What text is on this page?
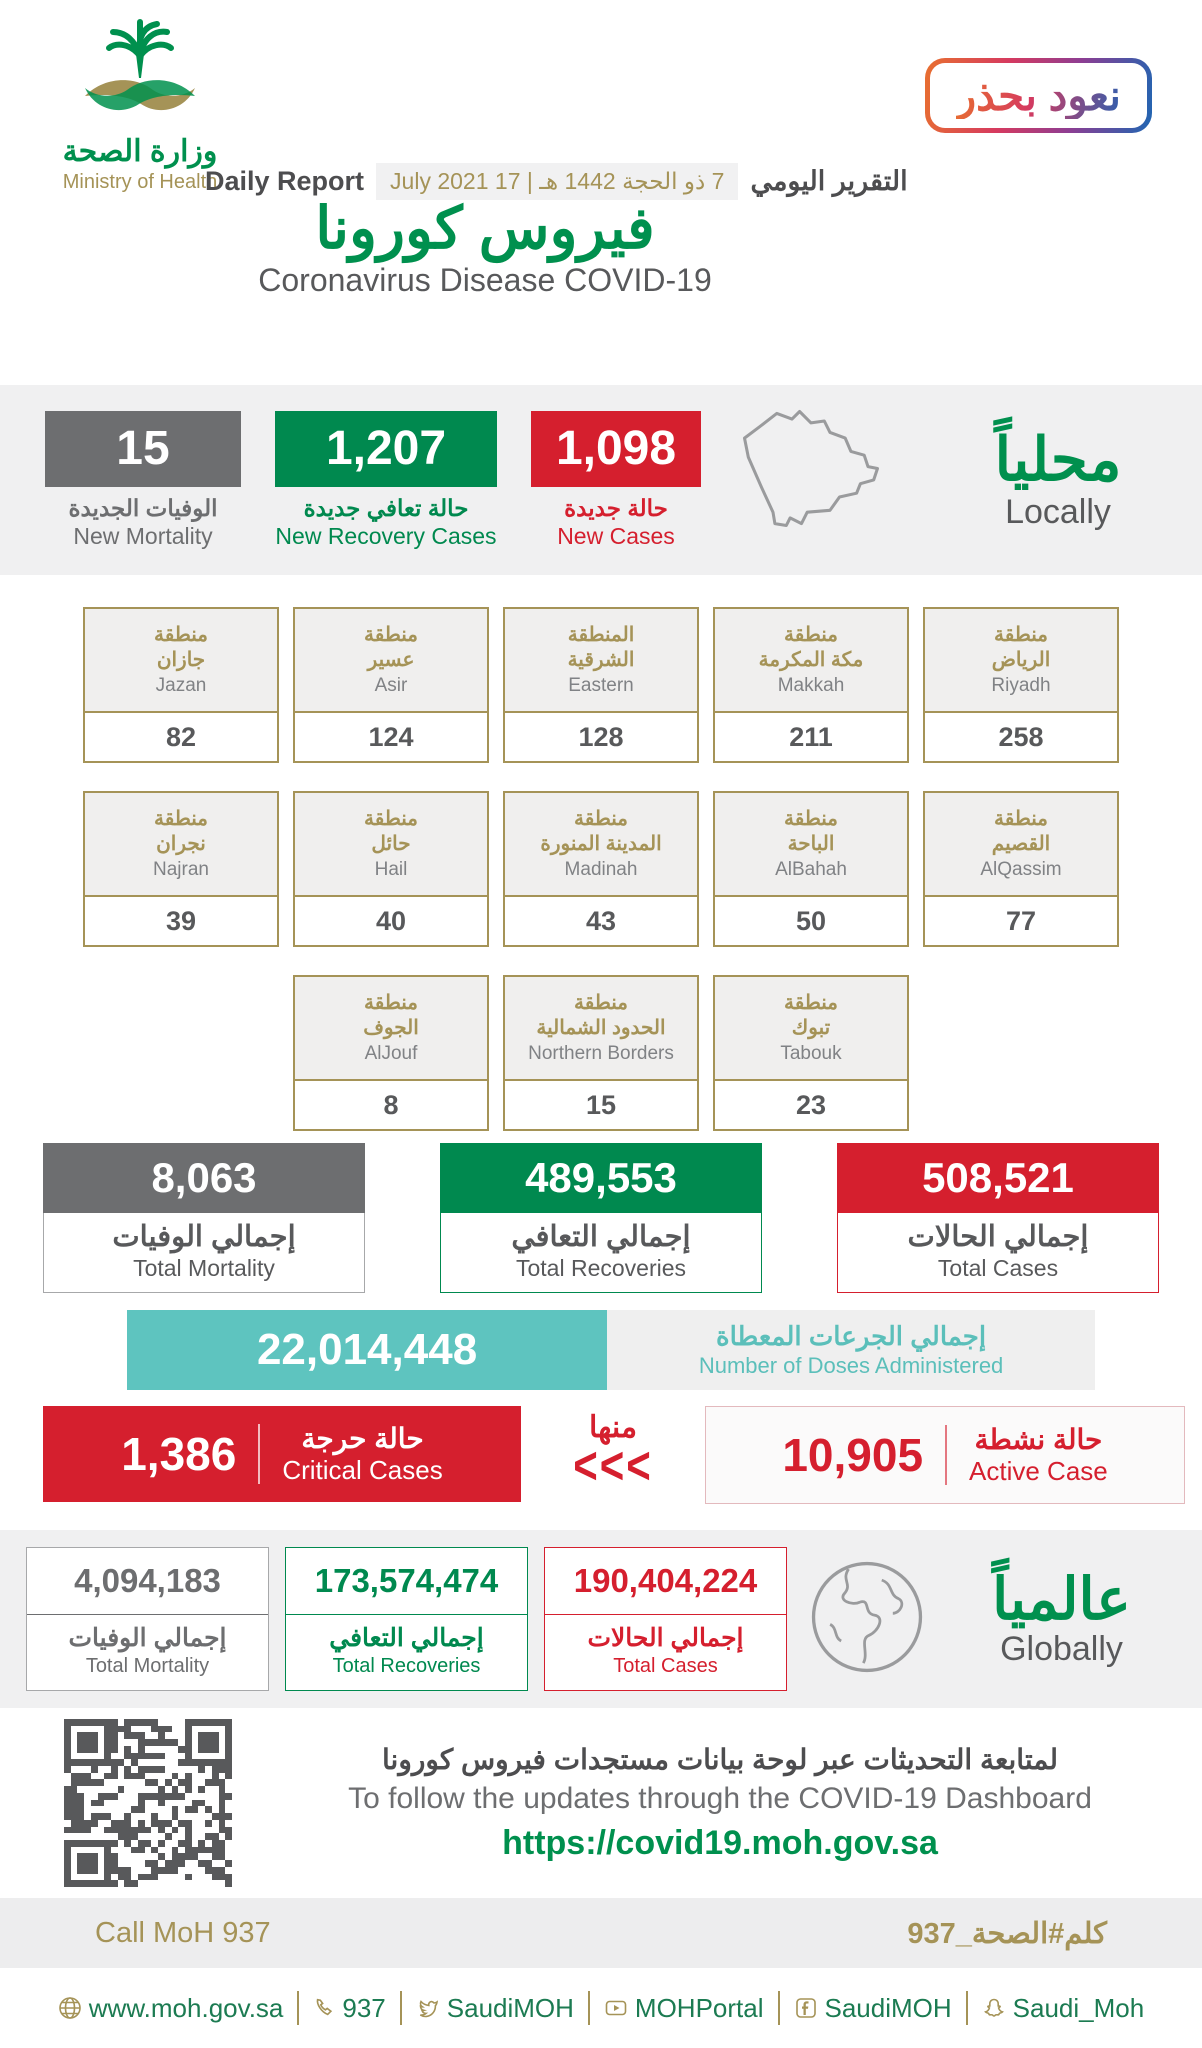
وزارة الصحة
Ministry of Health
نعود بحذر
Daily Report	7 ذو الحجة 1442 هـ | 17 July 2021 التقرير اليومي
فيروس كورونا
Coronavirus Disease COVID-19
15
الوفيات الجديدة
New Mortality
1,207
حالة تعافي جديدة
New Recovery Cases
1,098
حالة جديدة
New Cases
محلياً
Locally
منطقة
جازان
Jazan
82
منطقة
عسير
Asir
124
المنطقة
الشرقية
Eastern
128
منطقة
مكة المكرمة
Makkah
211
منطقة
الرياض
Riyadh
258
منطقة
نجران
Najran
39
منطقة
حائل
Hail
40
منطقة
المدينة المنورة
Madinah
43
منطقة
الباحة
AlBahah
50
منطقة
القصيم
AlQassim
77
منطقة
الجوف
AlJouf
8
منطقة
الحدود الشمالية
Northern Borders
15
منطقة
تبوك
Tabouk
23
8,063
إجمالي الوفيات
Total Mortality
489,553
إجمالي التعافي
Total Recoveries
508,521
إجمالي الحالات
Total Cases
22,014,448	إجمالي الجرعات المعطاة
Number of Doses Administered
1,386	حالة حرجة
Critical Cases
منها
<<<	10,905 حالة نشطة
Active Case
4,094,183
إجمالي الوفيات
Total Mortality
173,574,474
إجمالي التعافي
Total Recoveries
190,404,224
إجمالي الحالات
Total Cases
عالمياً
Globally
لمتابعة التحديثات عبر لوحة بيانات مستجدات فيروس كورونا
To follow the updates through the COVID-19 Dashboard
https://covid19.moh.gov.sa
Call MoH 937	كلم#الصحة_937
www.moh.gov.sa 937 SaudiMOH MOHPortal SaudiMOH Saudi_Moh
